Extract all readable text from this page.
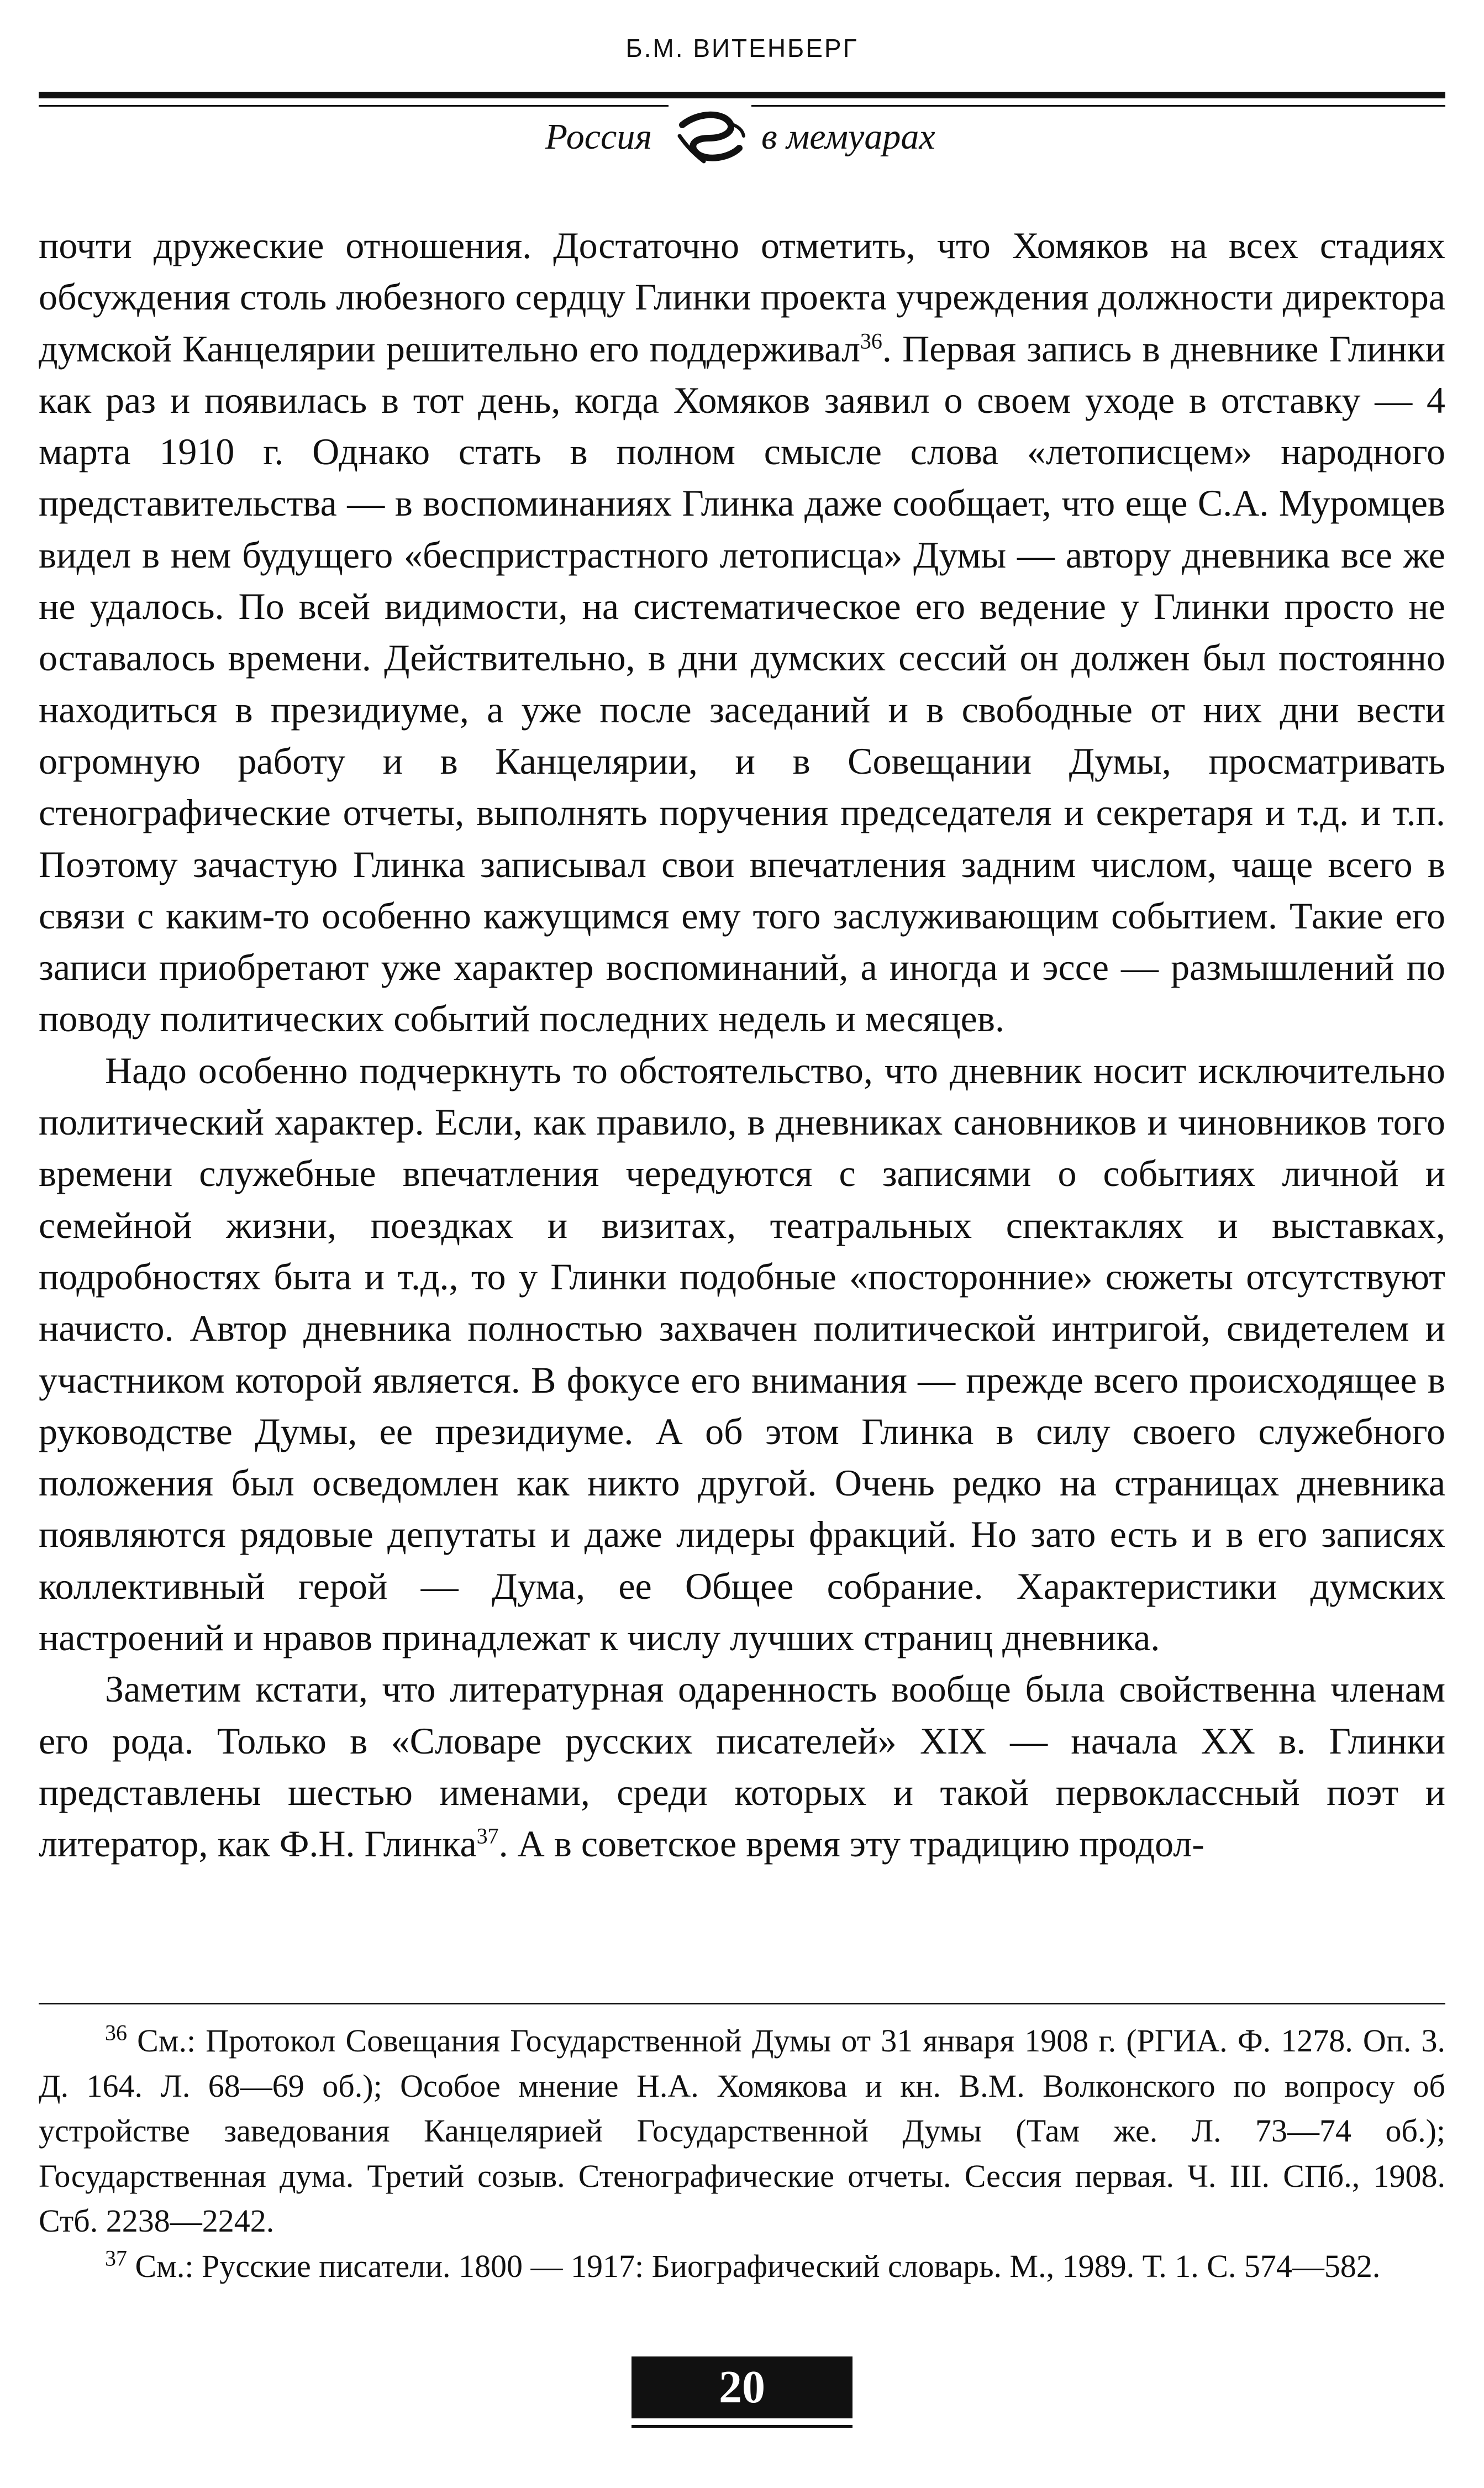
Б.М. ВИТЕНБЕРГ
Россия	в мемуарах

почти дружеские отношения. Достаточно отметить, что Хомяков на всех стадиях обсуждения столь любезного сердцу Глинки проекта учреждения должности директора думской Канцелярии решительно его поддерживал$^{36}$. Первая запись в дневнике Глинки как раз и появилась в тот день, когда Хомяков заявил о своем уходе в отставку — 4 марта 1910 г. Однако стать в полном смысле слова «летописцем» народного представительства — в воспоминаниях Глинка даже сообщает, что еще С.А. Муромцев видел в нем будущего «беспристрастного летописца» Думы — автору дневника все же не удалось. По всей видимости, на систематическое его ведение у Глинки просто не оставалось времени. Действительно, в дни думских сессий он должен был постоянно находиться в президиуме, а уже после заседаний и в свободные от них дни вести огромную работу и в Канцелярии, и в Совещании Думы, просматривать стенографические отчеты, выполнять поручения председателя и секретаря и т.д. и т.п. Поэтому зачастую Глинка записывал свои впечатления задним числом, чаще всего в связи с каким-то особенно кажущимся ему того заслуживающим событием. Такие его записи приобретают уже характер воспоминаний, а иногда и эссе — размышлений по поводу политических событий последних недель и месяцев.

Надо особенно подчеркнуть то обстоятельство, что дневник носит исключительно политический характер. Если, как правило, в дневниках сановников и чиновников того времени служебные впечатления чередуются с записями о событиях личной и семейной жизни, поездках и визитах, театральных спектаклях и выставках, подробностях быта и т.д., то у Глинки подобные «посторонние» сюжеты отсутствуют начисто. Автор дневника полностью захвачен политической интригой, свидетелем и участником которой является. В фокусе его внимания — прежде всего происходящее в руководстве Думы, ее президиуме. А об этом Глинка в силу своего служебного положения был осведомлен как никто другой. Очень редко на страницах дневника появляются рядовые депутаты и даже лидеры фракций. Но зато есть и в его записях коллективный герой — Дума, ее Общее собрание. Характеристики думских настроений и нравов принадлежат к числу лучших страниц дневника.

Заметим кстати, что литературная одаренность вообще была свойственна членам его рода. Только в «Словаре русских писателей» XIX — начала XX в. Глинки представлены шестью именами, среди которых и такой первоклассный поэт и литератор, как Ф.Н. Глинка$^{37}$. А в советское время эту традицию продол-

$^{36}$ См.: Протокол Совещания Государственной Думы от 31 января 1908 г. (РГИА. Ф. 1278. Оп. 3. Д. 164. Л. 68—69 об.); Особое мнение Н.А. Хомякова и кн. В.М. Волконского по вопросу об устройстве заведования Канцелярией Государственной Думы (Там же. Л. 73—74 об.); Государственная дума. Третий созыв. Стенографические отчеты. Сессия первая. Ч. III. СПб., 1908. Стб. 2238—2242.

$^{37}$ См.: Русские писатели. 1800 — 1917: Биографический словарь. М., 1989. Т. 1. С. 574—582.

20
